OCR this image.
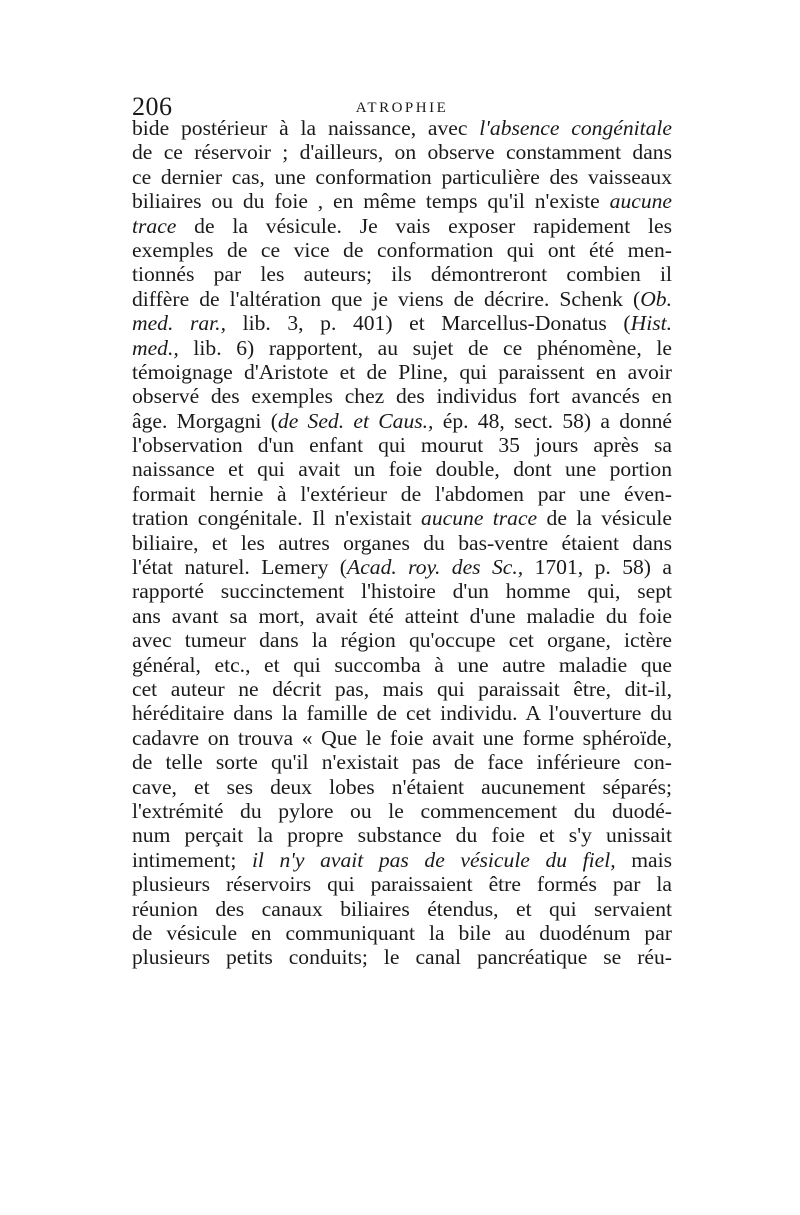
206	ATROPHIE
bide postérieur à la naissance, avec l'absence congénitale
de ce réservoir ; d'ailleurs, on observe constamment dans
ce dernier cas, une conformation particulière des vaisseaux
biliaires ou du foie , en même temps qu'il n'existe aucune
trace de la vésicule. Je vais exposer rapidement les
exemples de ce vice de conformation qui ont été men-
tionnés par les auteurs; ils démontreront combien il
diffère de l'altération que je viens de décrire. Schenk (Ob.
med. rar., lib. 3, p. 401) et Marcellus-Donatus (Hist.
med., lib. 6) rapportent, au sujet de ce phénomène, le
témoignage d'Aristote et de Pline, qui paraissent en avoir
observé des exemples chez des individus fort avancés en
âge. Morgagni (de Sed. et Caus., ép. 48, sect. 58) a donné
l'observation d'un enfant qui mourut 35 jours après sa
naissance et qui avait un foie double, dont une portion
formait hernie à l'extérieur de l'abdomen par une éven-
tration congénitale. Il n'existait aucune trace de la vésicule
biliaire, et les autres organes du bas-ventre étaient dans
l'état naturel. Lemery (Acad. roy. des Sc., 1701, p. 58) a
rapporté succinctement l'histoire d'un homme qui, sept
ans avant sa mort, avait été atteint d'une maladie du foie
avec tumeur dans la région qu'occupe cet organe, ictère
général, etc., et qui succomba à une autre maladie que
cet auteur ne décrit pas, mais qui paraissait être, dit-il,
héréditaire dans la famille de cet individu. A l'ouverture du
cadavre on trouva « Que le foie avait une forme sphéroïde,
de telle sorte qu'il n'existait pas de face inférieure con-
cave, et ses deux lobes n'étaient aucunement séparés;
l'extrémité du pylore ou le commencement du duodé-
num perçait la propre substance du foie et s'y unissait
intimement; il n'y avait pas de vésicule du fiel, mais
plusieurs réservoirs qui paraissaient être formés par la
réunion des canaux biliaires étendus, et qui servaient
de vésicule en communiquant la bile au duodénum par
plusieurs petits conduits; le canal pancréatique se réu-
